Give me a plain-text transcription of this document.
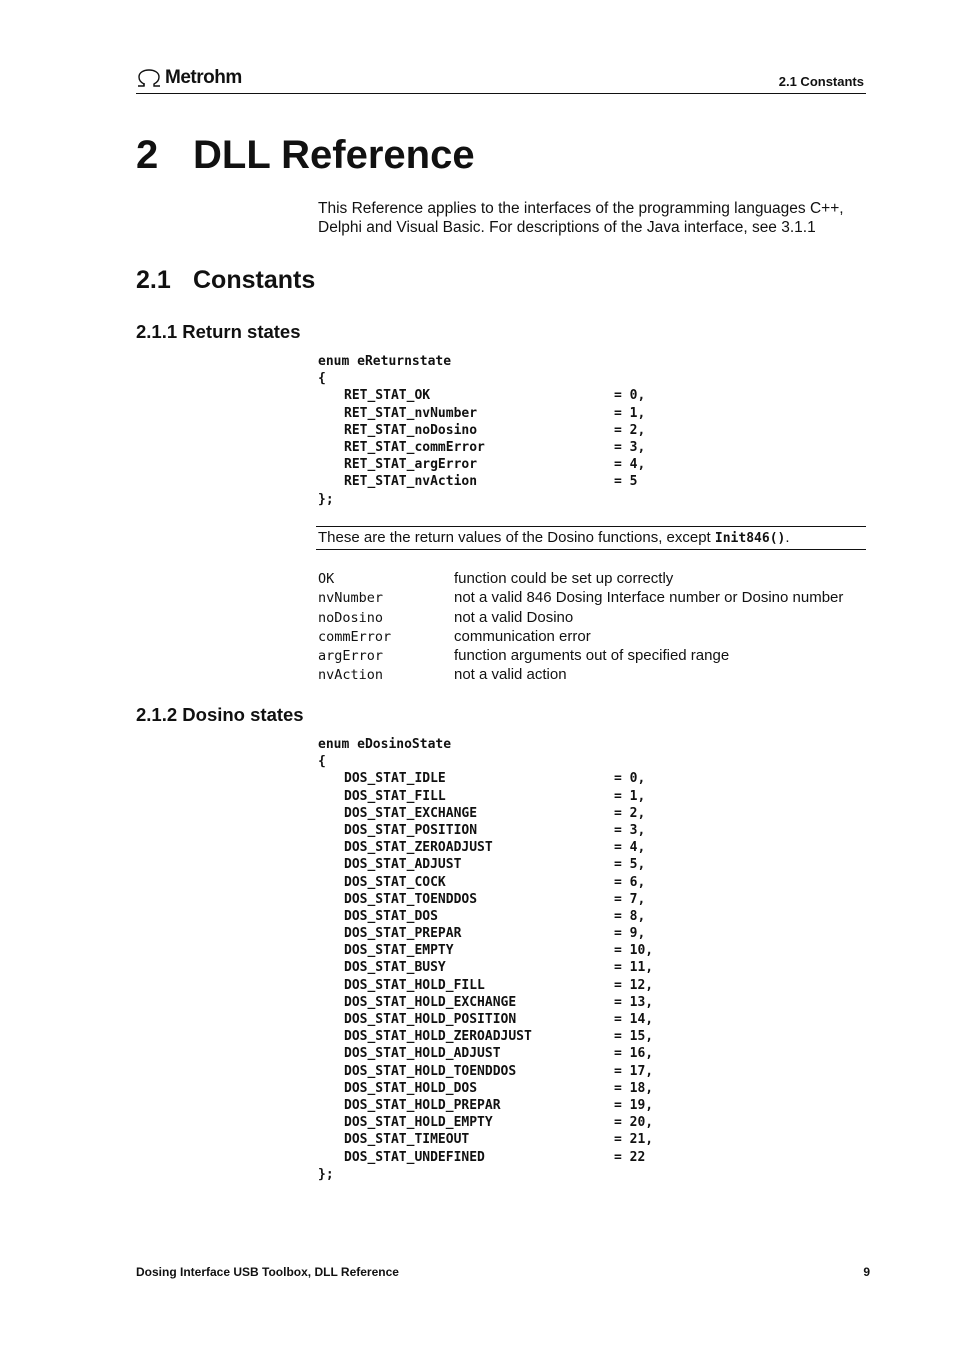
Metrohm	2.1 Constants
2 DLL Reference

This Reference applies to the interfaces of the programming languages C++,

Delphi and Visual Basic. For descriptions of the Java interface, see 3.1.1

2.1 Constants
2.1.1 Return states
enum eReturnstate
{
RET_STAT_OK	= 0,
RET_STAT_nvNumber	= 1,
RET_STAT_noDosino	= 2,
RET_STAT_commError	= 3,
RET_STAT_argError	= 4,
RET_STAT_nvAction	= 5
};
These are the return values of the Dosino functions, except Init846().
OK	function could be set up correctly
nvNumber	not a valid 846 Dosing Interface number or Dosino number
noDosino	not a valid Dosino
commError	communication error
argError	function arguments out of specified range
nvAction	not a valid action
2.1.2 Dosino states
enum eDosinoState
{
DOS_STAT_IDLE	= 0,
DOS_STAT_FILL	= 1,
DOS_STAT_EXCHANGE	= 2,
DOS_STAT_POSITION	= 3,
DOS_STAT_ZEROADJUST	= 4,
DOS_STAT_ADJUST	= 5,
DOS_STAT_COCK	= 6,
DOS_STAT_TOENDDOS	= 7,
DOS_STAT_DOS	= 8,
DOS_STAT_PREPAR	= 9,
DOS_STAT_EMPTY	= 10,
DOS_STAT_BUSY	= 11,
DOS_STAT_HOLD_FILL	= 12,
DOS_STAT_HOLD_EXCHANGE	= 13,
DOS_STAT_HOLD_POSITION	= 14,
DOS_STAT_HOLD_ZEROADJUST	= 15,
DOS_STAT_HOLD_ADJUST	= 16,
DOS_STAT_HOLD_TOENDDOS	= 17,
DOS_STAT_HOLD_DOS	= 18,
DOS_STAT_HOLD_PREPAR	= 19,
DOS_STAT_HOLD_EMPTY	= 20,
DOS_STAT_TIMEOUT	= 21,
DOS_STAT_UNDEFINED	= 22
};
Dosing Interface USB Toolbox, DLL Reference	9
